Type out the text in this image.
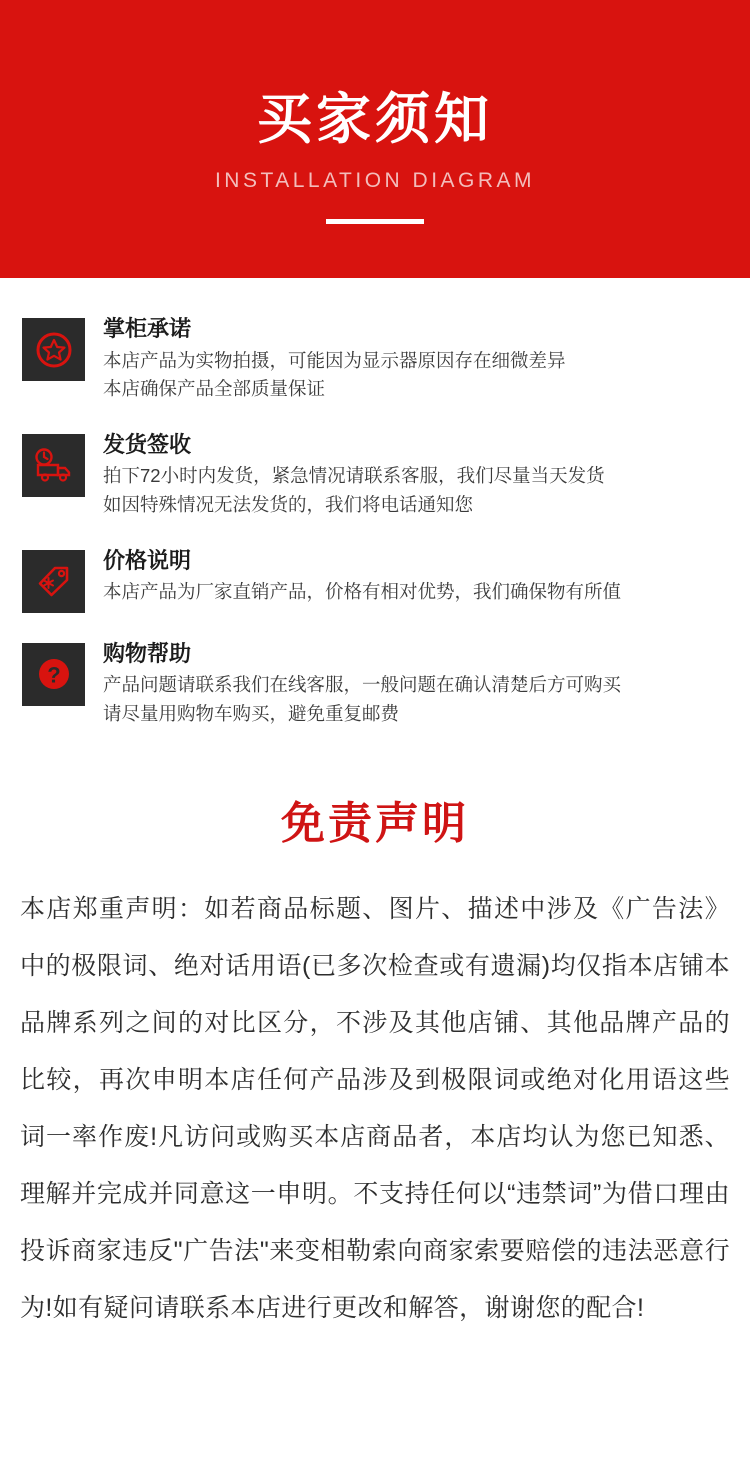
买家须知
INSTALLATION DIAGRAM
掌柜承诺
本店产品为实物拍摄，可能因为显示器原因存在细微差异
本店确保产品全部质量保证
发货签收
拍下72小时内发货，紧急情况请联系客服，我们尽量当天发货
如因特殊情况无法发货的，我们将电话通知您
价格说明
本店产品为厂家直销产品，价格有相对优势，我们确保物有所值
?
购物帮助
产品问题请联系我们在线客服，一般问题在确认清楚后方可购买
请尽量用购物车购买，避免重复邮费
免责声明
本店郑重声明：如若商品标题、图片、描述中涉及《广告法》中的极限词、绝对话用语(已多次检查或有遗漏)均仅指本店铺本品牌系列之间的对比区分，不涉及其他店铺、其他品牌产品的比较，再次申明本店任何产品涉及到极限词或绝对化用语这些词一率作废!凡访问或购买本店商品者，本店均认为您已知悉、理解并完成并同意这一申明。不支持任何以“违禁词”为借口理由投诉商家违反"广告法"来变相勒索向商家索要赔偿的违法恶意行为!如有疑问请联系本店进行更改和解答，谢谢您的配合!
